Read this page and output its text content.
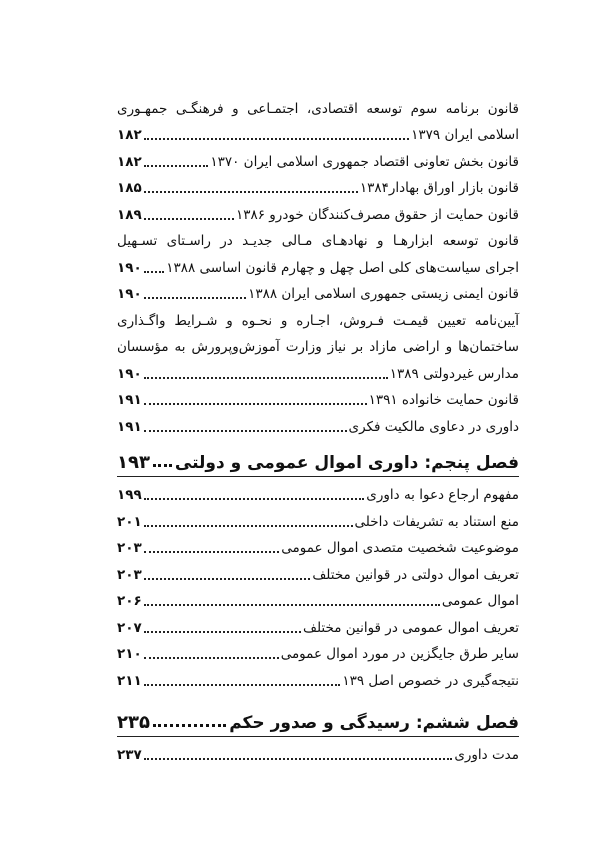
قانون برنامه سوم توسعه اقتصادی، اجتمـاعی و فرهنگـی جمهـوری
اسلامی ایران ۱۳۷۹
۱۸۲
قانون بخش تعاونی اقتصاد جمهوری اسلامی ایران ۱۳۷۰
۱۸۲
قانون بازار اوراق بهادار۱۳۸۴
۱۸۵
قانون حمایت از حقوق مصرف‌کنندگان خودرو ۱۳۸۶
۱۸۹
قانون توسعه ابزارهـا و نهادهـای مـالی جدیـد در راسـتای تسـهیل
اجرای سیاست‌های کلی اصل چهل و چهارم قانون اساسی ۱۳۸۸
۱۹۰
قانون ایمنی زیستی جمهوری اسلامی ایران ۱۳۸۸
۱۹۰
آیین‌نامه تعیین قیمـت فـروش، اجـاره و نحـوه و شـرایط واگـذاری
ساختمان‌ها و اراضی مازاد بر نیاز وزارت آموزش‌وپرورش به مؤسسان
مدارس غیردولتی ۱۳۸۹
۱۹۰
قانون حمایت خانواده ۱۳۹۱
۱۹۱
داوری در دعاوی مالکیت فکری
۱۹۱
فصل پنجم: داوری اموال عمومی و دولتی
۱۹۳
مفهوم ارجاع دعوا به داوری
۱۹۹
منع استناد به تشریفات داخلی
۲۰۱
موضوعیت شخصیت متصدی اموال عمومی
۲۰۳
تعریف اموال دولتی در قوانین مختلف
۲۰۳
اموال عمومی
۲۰۶
تعریف اموال عمومی در قوانین مختلف
۲۰۷
سایر طرق جایگزین در مورد اموال عمومی
۲۱۰
نتیجه‌گیری در خصوص اصل ۱۳۹
۲۱۱
فصل ششم: رسیدگی و صدور حکم
۲۳۵
مدت داوری
۲۳۷
